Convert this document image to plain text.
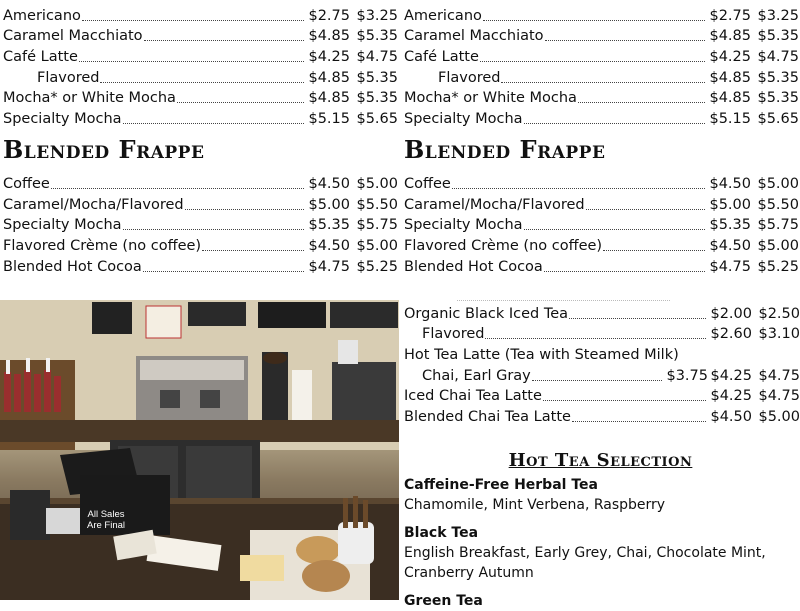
Americano	$2.75 $3.25
Caramel Macchiato	$4.85 $5.35
Café Latte	$4.25 $4.75
Flavored	$4.85 $5.35
Mocha* or White Mocha	$4.85 $5.35
Specialty Mocha	$5.15 $5.65
Blended Frappe
Coffee	$4.50 $5.00
Caramel/Mocha/Flavored	$5.00 $5.50
Specialty Mocha	$5.35 $5.75
Flavored Crème (no coffee)	$4.50 $5.00
Blended Hot Cocoa	$4.75 $5.25
Americano	$2.75 $3.25
Caramel Macchiato	$4.85 $5.35
Café Latte	$4.25 $4.75
Flavored	$4.85 $5.35
Mocha* or White Mocha	$4.85 $5.35
Specialty Mocha	$5.15 $5.65
Blended Frappe
Coffee	$4.50 $5.00
Caramel/Mocha/Flavored	$5.00 $5.50
Specialty Mocha	$5.35 $5.75
Flavored Crème (no coffee)	$4.50 $5.00
Blended Hot Cocoa	$4.75 $5.25
All Sales
Are Final
Organic Black Iced Tea	$2.00 $2.50
Flavored	$2.60 $3.10
Hot Tea Latte (Tea with Steamed Milk)
Chai, Earl Gray	$3.75 $4.25 $4.75
Iced Chai Tea Latte	$4.25 $4.75
Blended Chai Tea Latte	$4.50 $5.00
Hot Tea Selection
Caffeine-Free Herbal Tea
Chamomile, Mint Verbena, Raspberry
Black Tea
English Breakfast, Early Grey, Chai, Chocolate Mint, Cranberry Autumn
Green Tea
